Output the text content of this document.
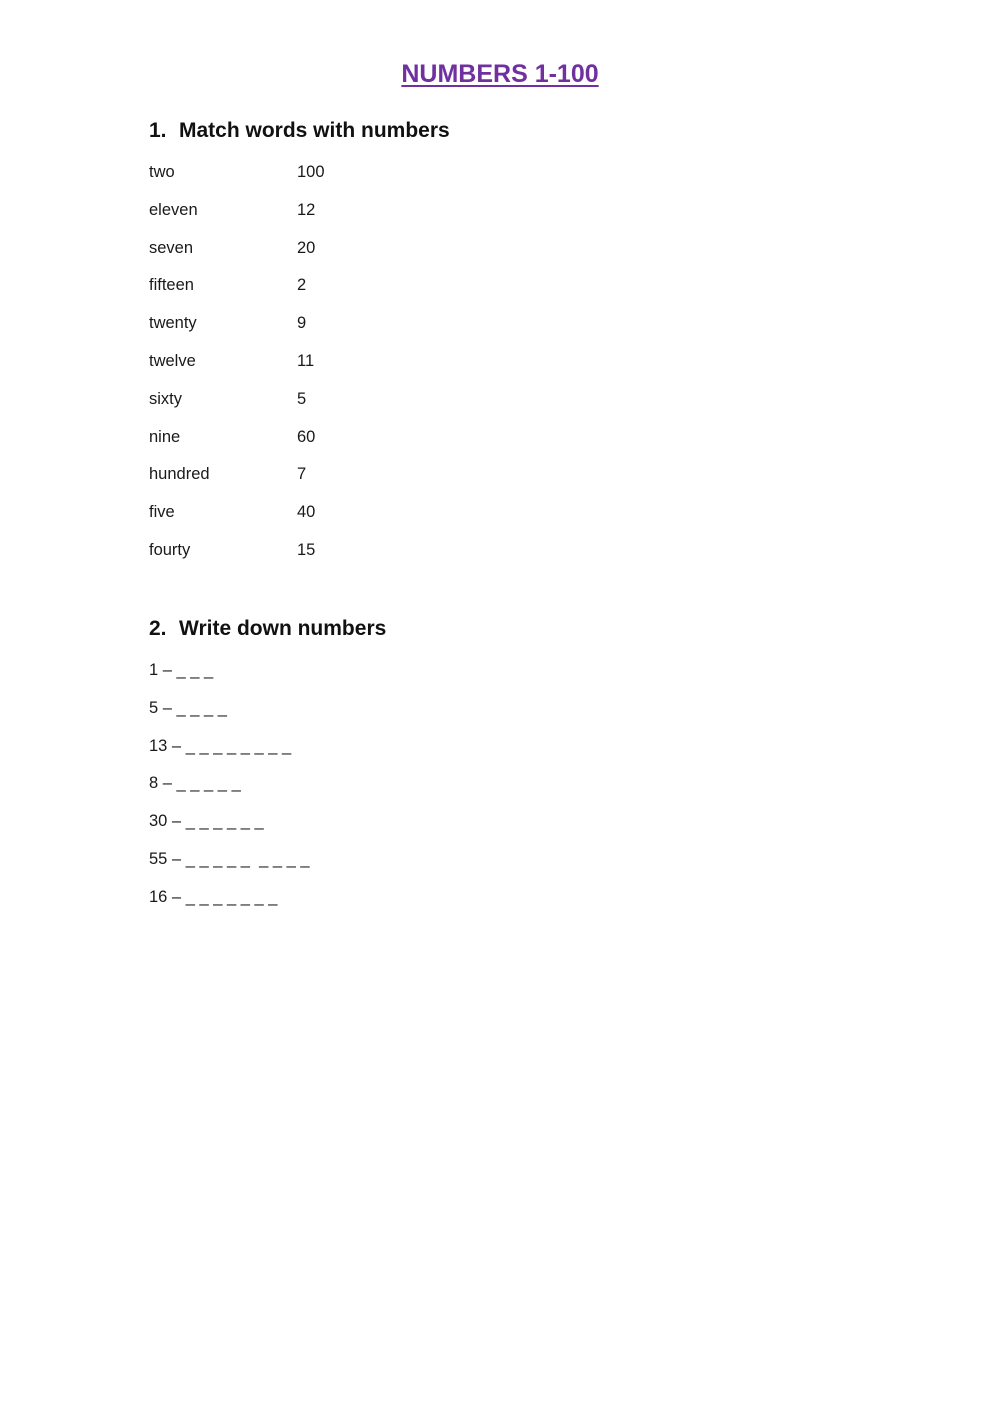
NUMBERS 1-100
1. Match words with numbers
two	100
eleven	12
seven	20
fifteen	2
twenty	9
twelve	11
sixty	5
nine	60
hundred	7
five	40
fourty	15
2. Write down numbers
1 – _ _ _
5 – _ _ _ _
13 – _ _ _ _ _ _ _ _
8 – _ _ _ _ _
30 – _ _ _ _ _ _
55 – _ _ _ _ _  _ _ _ _
16 – _ _ _ _ _ _ _
